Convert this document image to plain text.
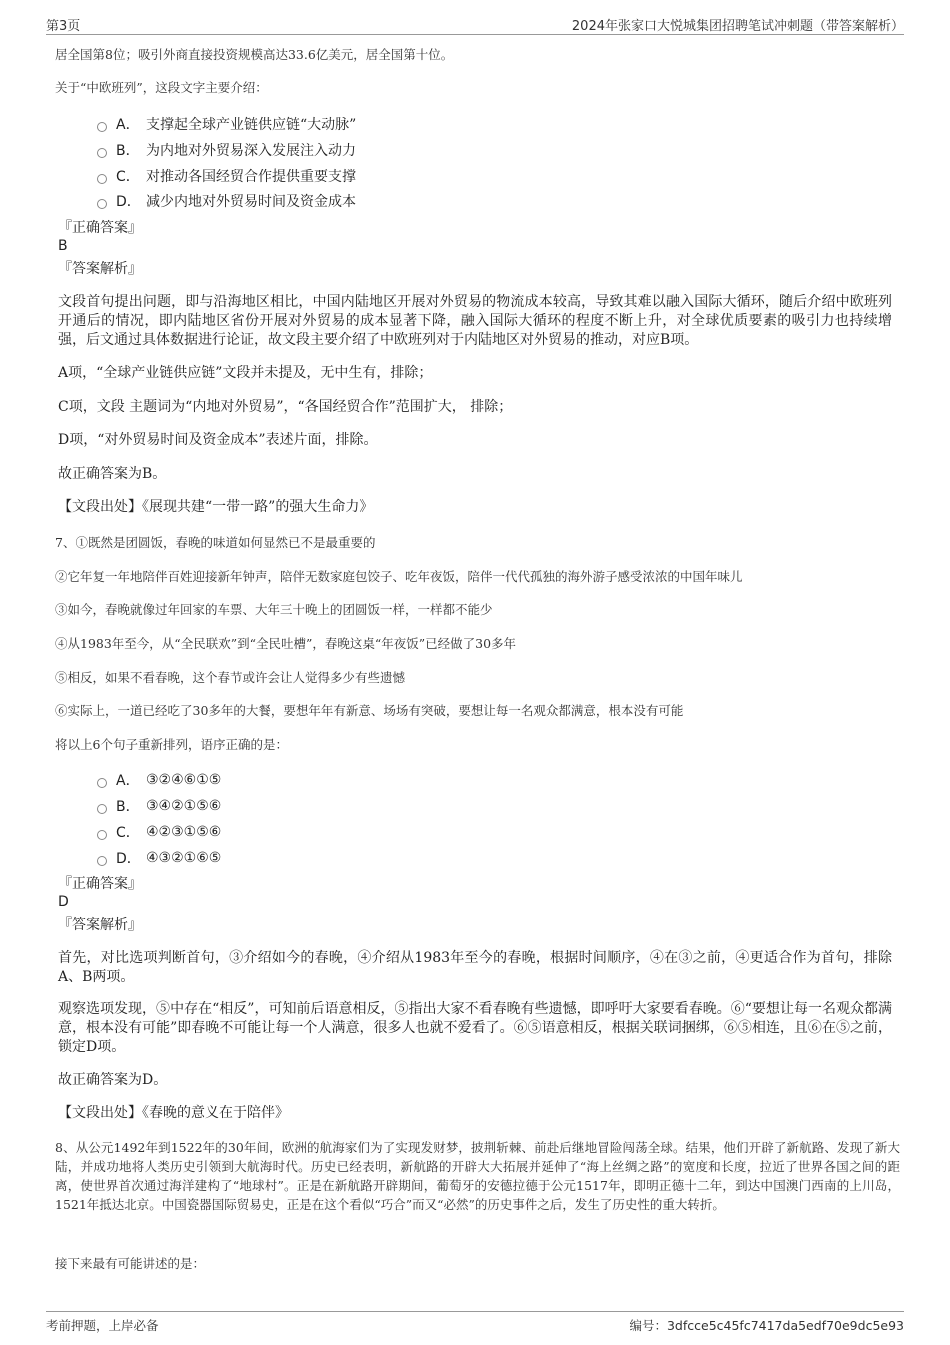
第3页	2024年张家口大悦城集团招聘笔试冲刺题（带答案解析）
居全国第8位；吸引外商直接投资规模高达33.6亿美元，居全国第十位。
关于“中欧班列”，这段文字主要介绍：
A． 支撑起全球产业链供应链“大动脉”
B． 为内地对外贸易深入发展注入动力
C． 对推动各国经贸合作提供重要支撑
D． 减少内地对外贸易时间及资金成本
『正确答案』
B
『答案解析』
文段首句提出问题，即与沿海地区相比，中国内陆地区开展对外贸易的物流成本较高，导致其难以融入国际大循环，随后介绍中欧班列开通后的情况，即内陆地区省份开展对外贸易的成本显著下降，融入国际大循环的程度不断上升，对全球优质要素的吸引力也持续增强，后文通过具体数据进行论证，故文段主要介绍了中欧班列对于内陆地区对外贸易的推动，对应B项。
A项，“全球产业链供应链”文段并未提及，无中生有，排除；
C项，文段 主题词为“内地对外贸易”，“各国经贸合作”范围扩大， 排除；
D项，“对外贸易时间及资金成本”表述片面，排除。
故正确答案为B。
【文段出处】《展现共建“一带一路”的强大生命力》
7、①既然是团圆饭，春晚的味道如何显然已不是最重要的
②它年复一年地陪伴百姓迎接新年钟声，陪伴无数家庭包饺子、吃年夜饭，陪伴一代代孤独的海外游子感受浓浓的中国年味儿
③如今，春晚就像过年回家的车票、大年三十晚上的团圆饭一样，一样都不能少
④从1983年至今，从“全民联欢”到“全民吐槽”，春晚这桌“年夜饭”已经做了30多年
⑤相反，如果不看春晚，这个春节或许会让人觉得多少有些遗憾
⑥实际上，一道已经吃了30多年的大餐，要想年年有新意、场场有突破，要想让每一名观众都满意，根本没有可能
将以上6个句子重新排列，语序正确的是：
A． ③②④⑥①⑤
B． ③④②①⑤⑥
C． ④②③①⑤⑥
D． ④③②①⑥⑤
『正确答案』
D
『答案解析』
首先，对比选项判断首句，③介绍如今的春晚，④介绍从1983年至今的春晚，根据时间顺序，④在③之前，④更适合作为首句，排除A、B两项。
观察选项发现，⑤中存在“相反”，可知前后语意相反，⑤指出大家不看春晚有些遗憾，即呼吁大家要看春晚。⑥“要想让每一名观众都满意，根本没有可能”即春晚不可能让每一个人满意，很多人也就不爱看了。⑥⑤语意相反，根据关联词捆绑，⑥⑤相连，且⑥在⑤之前，锁定D项。
故正确答案为D。
【文段出处】《春晚的意义在于陪伴》
8、从公元1492年到1522年的30年间，欧洲的航海家们为了实现发财梦，披荆斩棘、前赴后继地冒险闯荡全球。结果，他们开辟了新航路、发现了新大陆，并成功地将人类历史引领到大航海时代。历史已经表明，新航路的开辟大大拓展并延伸了“海上丝绸之路”的宽度和长度，拉近了世界各国之间的距离，使世界首次通过海洋建构了“地球村”。正是在新航路开辟期间，葡萄牙的安德拉德于公元1517年，即明正德十二年，到达中国澳门西南的上川岛，1521年抵达北京。中国瓷器国际贸易史，正是在这个看似“巧合”而又“必然”的历史事件之后，发生了历史性的重大转折。
接下来最有可能讲述的是：
考前押题，上岸必备	编号：3dfcce5c45fc7417da5edf70e9dc5e93
